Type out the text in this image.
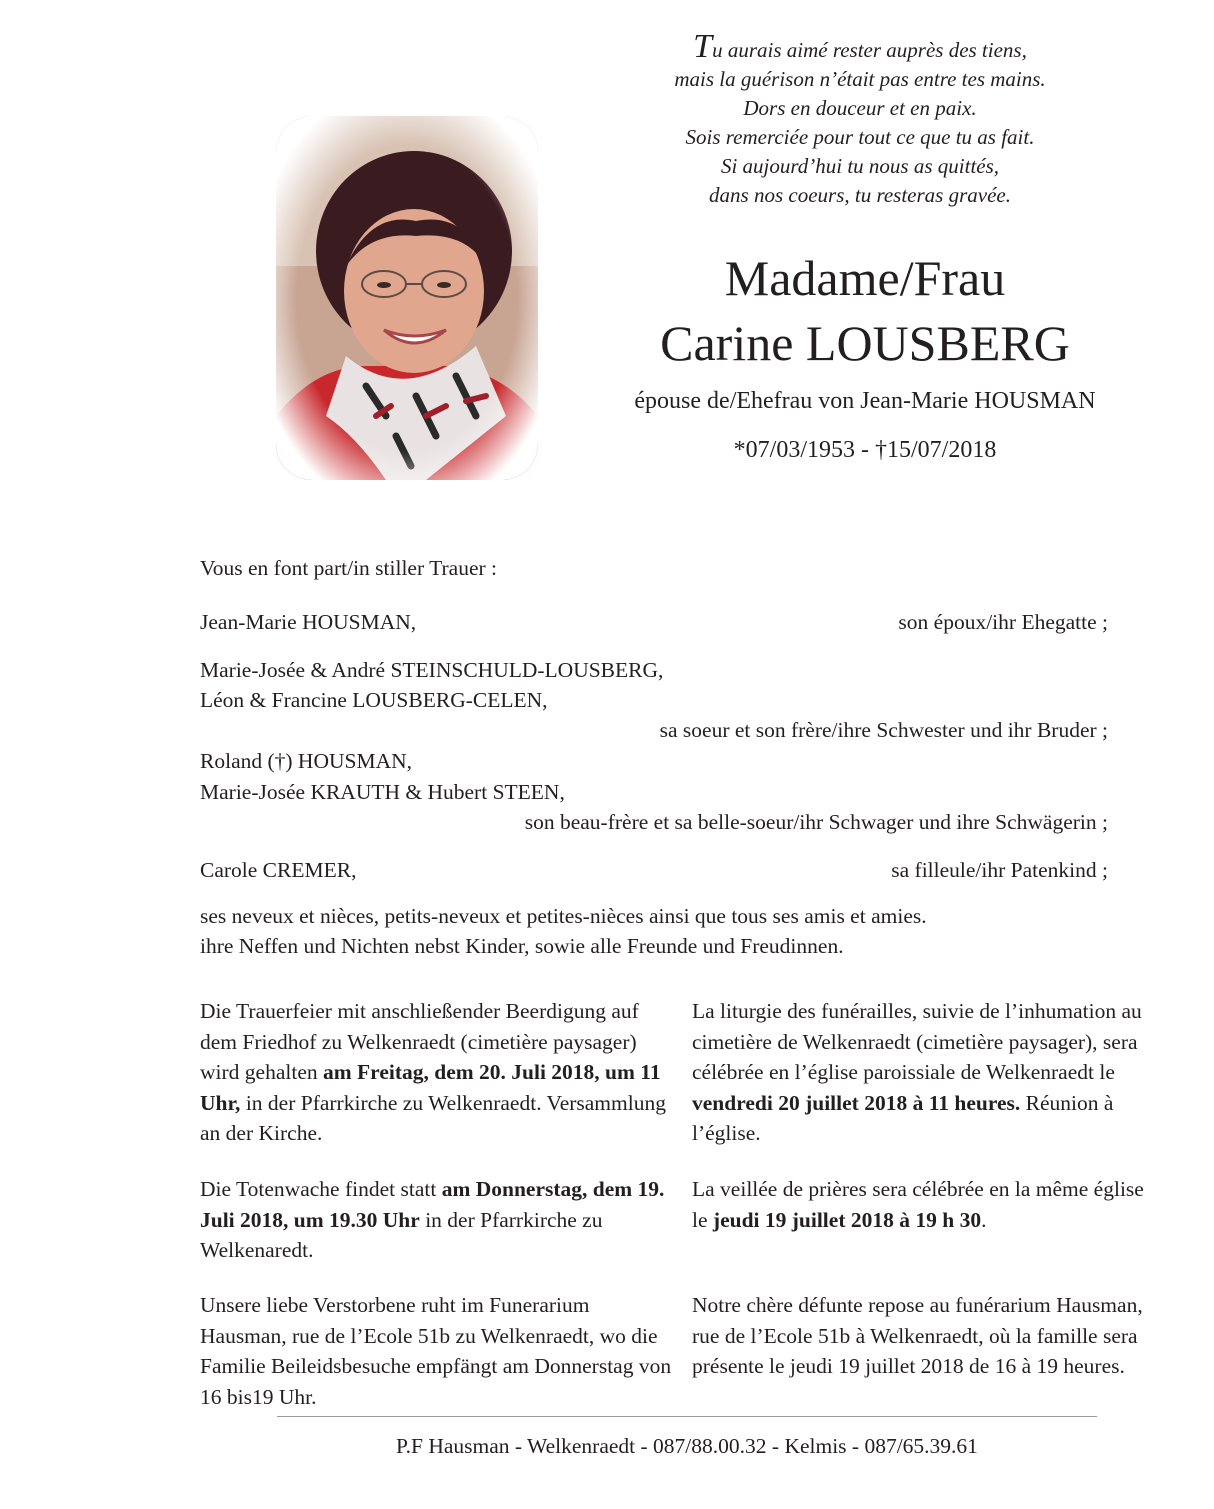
Tu aurais aimé rester auprès des tiens,
mais la guérison n’était pas entre tes mains.
Dors en douceur et en paix.
Sois remerciée pour tout ce que tu as fait.
Si aujourd’hui tu nous as quittés,
dans nos coeurs, tu resteras gravée.
Madame/Frau
Carine LOUSBERG
épouse de/Ehefrau von Jean-Marie HOUSMAN
*07/03/1953 - †15/07/2018
Vous en font part/in stiller Trauer :
Jean-Marie HOUSMAN,	son époux/ihr Ehegatte ;
Marie-Josée & André STEINSCHULD-LOUSBERG,
Léon & Francine LOUSBERG-CELEN,
sa soeur et son frère/ihre Schwester und ihr Bruder ;
Roland (†) HOUSMAN,
Marie-Josée KRAUTH & Hubert STEEN,
son beau-frère et sa belle-soeur/ihr Schwager und ihre Schwägerin ;
Carole CREMER,	sa filleule/ihr Patenkind ;
ses neveux et nièces, petits-neveux et petites-nièces ainsi que tous ses amis et amies.
ihre Neffen und Nichten nebst Kinder, sowie alle Freunde und Freudinnen.

Die Trauerfeier mit anschließender Beerdigung auf dem Friedhof zu Welkenraedt (cimetière paysager) wird gehalten am Freitag, dem 20. Juli 2018, um 11 Uhr, in der Pfarrkirche zu Welkenraedt. Versammlung an der Kirche.

Die Totenwache findet statt am Donnerstag, dem 19. Juli 2018, um 19.30 Uhr in der Pfarrkirche zu Welkenaredt.

Unsere liebe Verstorbene ruht im Funerarium Hausman, rue de l’Ecole 51b zu Welkenraedt, wo die Familie Beileidsbesuche empfängt am Donnerstag von 16 bis19 Uhr.

La liturgie des funérailles, suivie de l’inhumation au cimetière de Welkenraedt (cimetière paysager), sera célébrée en l’église paroissiale de Welkenraedt le vendredi 20 juillet 2018 à 11 heures. Réunion à l’église.

La veillée de prières sera célébrée en la même église le jeudi 19 juillet 2018 à 19 h 30.

Notre chère défunte repose au funérarium Hausman, rue de l’Ecole 51b à Welkenraedt, où la famille sera présente le jeudi 19 juillet 2018 de 16 à 19 heures.

P.F Hausman - Welkenraedt - 087/88.00.32 - Kelmis - 087/65.39.61
